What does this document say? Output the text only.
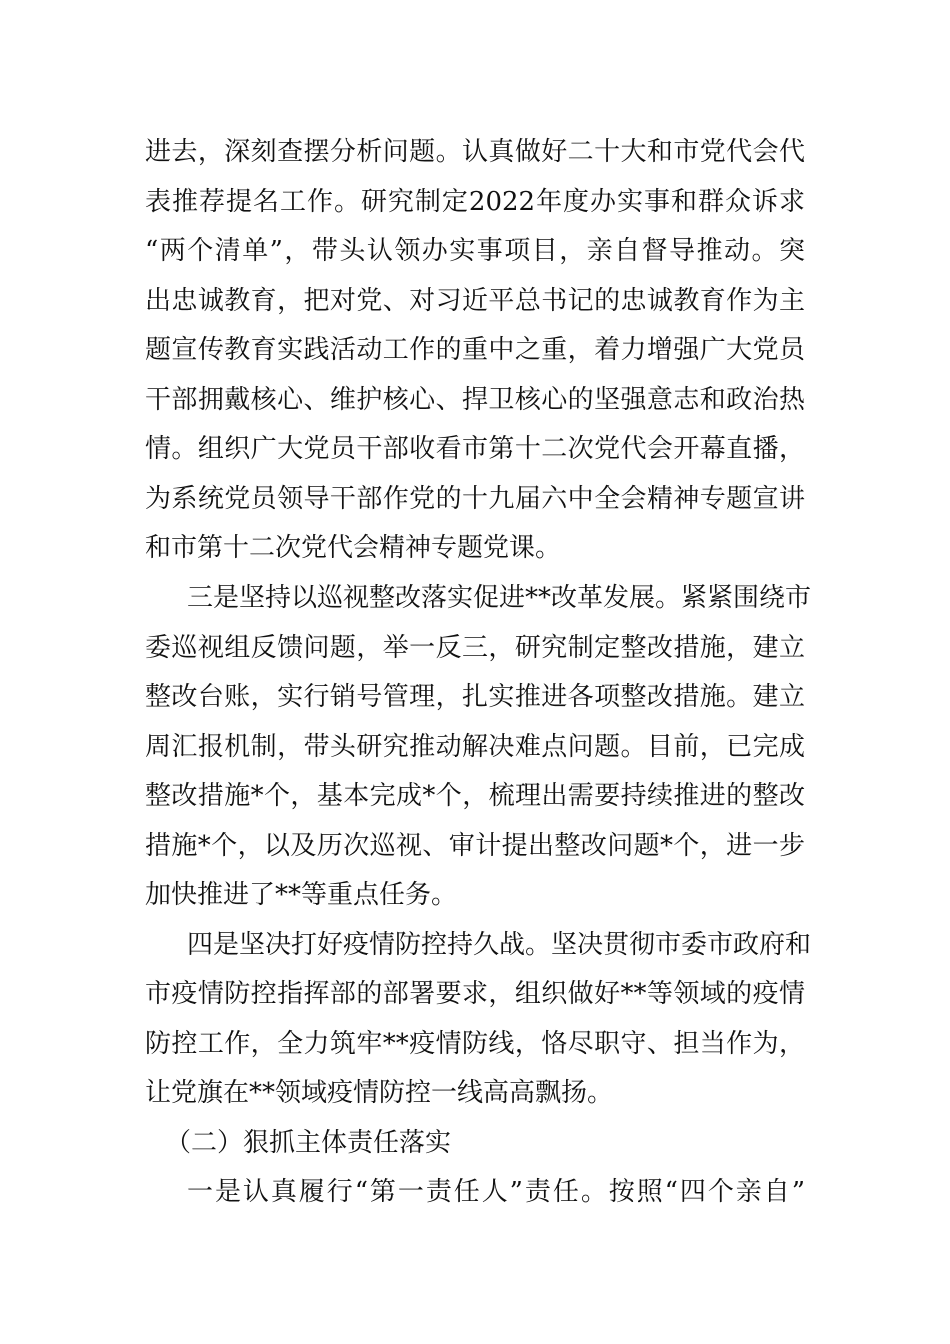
进去，深刻查摆分析问题。认真做好二十大和市党代会代
表推荐提名工作。研究制定2022年度办实事和群众诉求
“两个清单”，带头认领办实事项目，亲自督导推动。突
出忠诚教育，把对党、对习近平总书记的忠诚教育作为主
题宣传教育实践活动工作的重中之重，着力增强广大党员
干部拥戴核心、维护核心、捍卫核心的坚强意志和政治热
情。组织广大党员干部收看市第十二次党代会开幕直播，
为系统党员领导干部作党的十九届六中全会精神专题宣讲
和市第十二次党代会精神专题党课。
三是坚持以巡视整改落实促进**改革发展。紧紧围绕市
委巡视组反馈问题，举一反三，研究制定整改措施，建立
整改台账，实行销号管理，扎实推进各项整改措施。建立
周汇报机制，带头研究推动解决难点问题。目前，已完成
整改措施*个，基本完成*个，梳理出需要持续推进的整改
措施*个，以及历次巡视、审计提出整改问题*个，进一步
加快推进了**等重点任务。
四是坚决打好疫情防控持久战。坚决贯彻市委市政府和
市疫情防控指挥部的部署要求，组织做好**等领域的疫情
防控工作，全力筑牢**疫情防线，恪尽职守、担当作为，
让党旗在**领域疫情防控一线高高飘扬。
（二）狠抓主体责任落实
一是认真履行“第一责任人”责任。按照“四个亲自”
